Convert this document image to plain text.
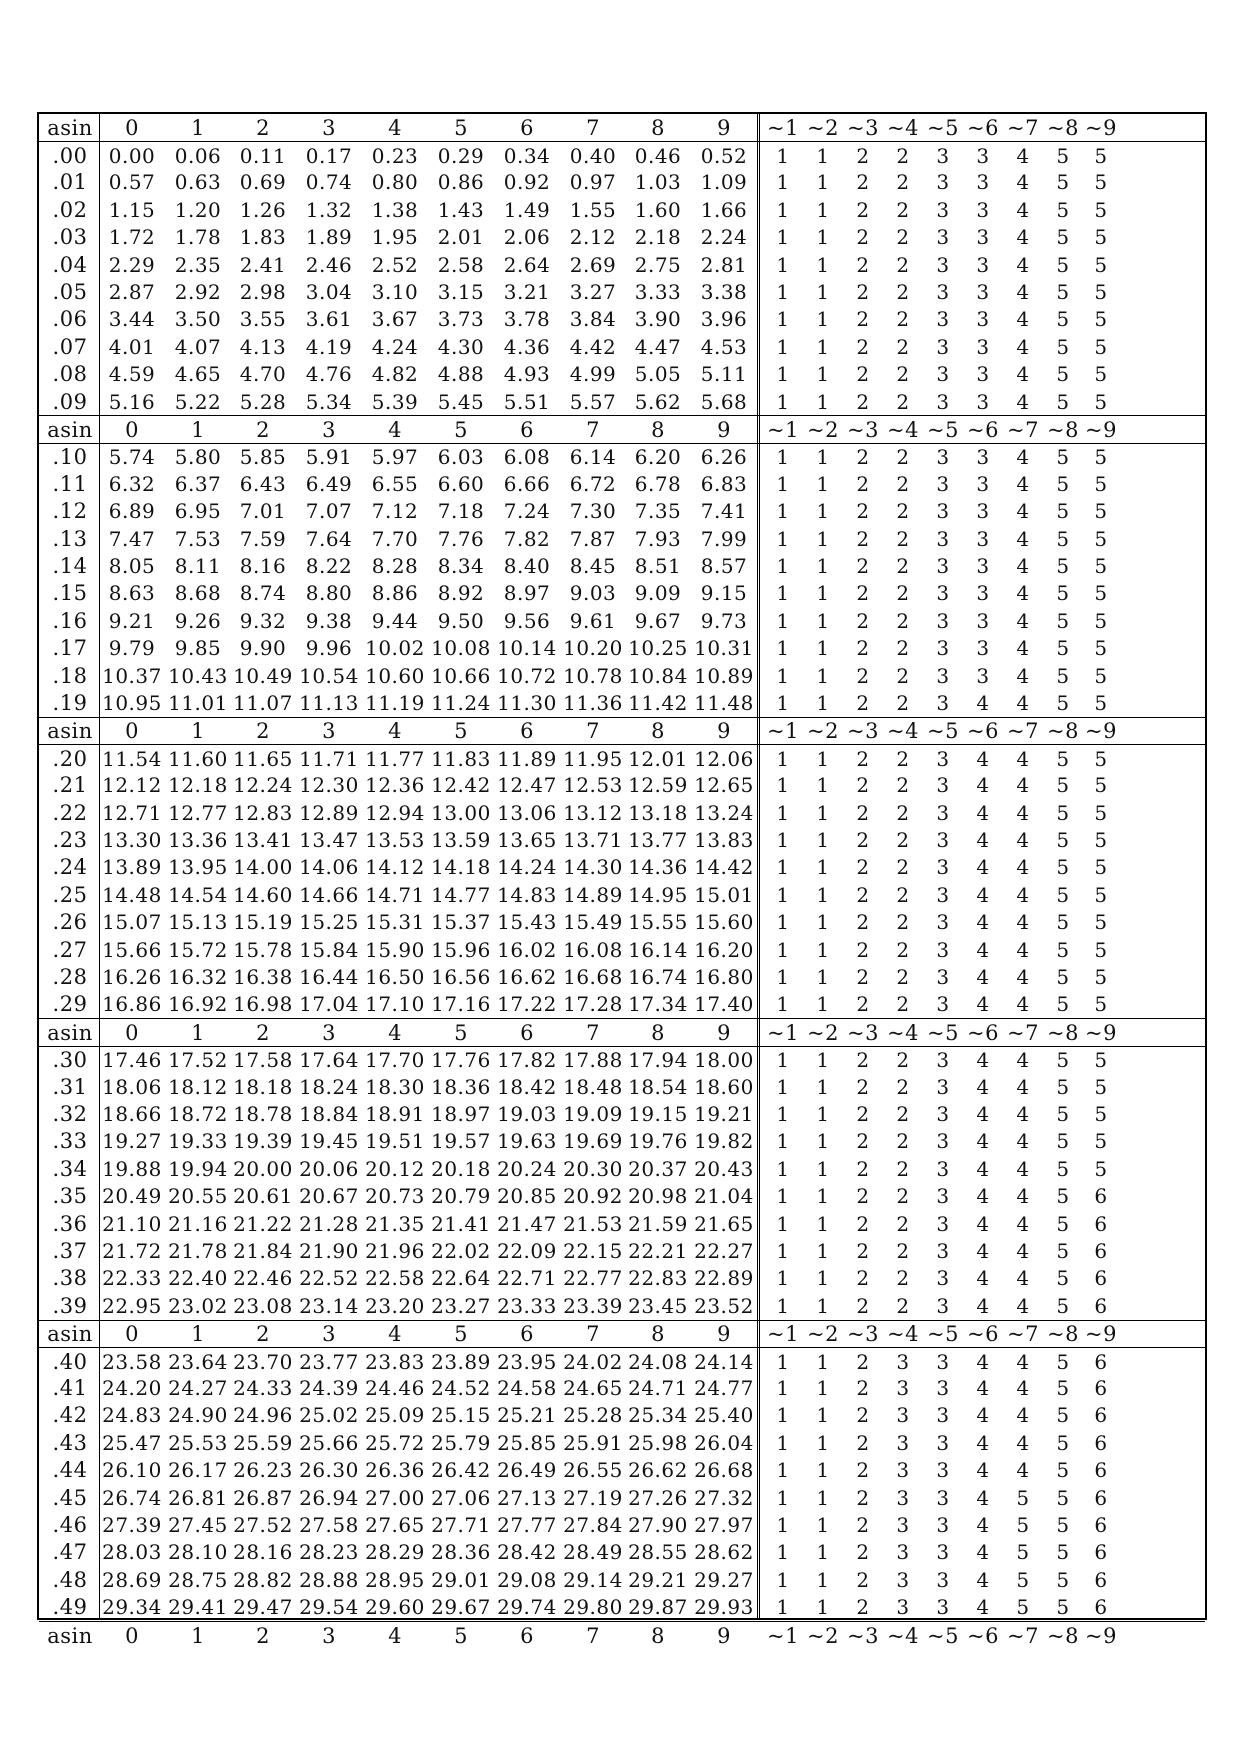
asin	0	1	2	3	4	5	6	7	8	9	~1 ~2 ~3 ~4 ~5 ~6 ~7 ~8 ~9
.00	0.00 0.06 0.11 0.17 0.23 0.29 0.34 0.40 0.46 0.52	1	1	2	2	3	3	4	5	5
.01	0.57 0.63 0.69 0.74 0.80 0.86 0.92 0.97 1.03 1.09	1	1	2	2	3	3	4	5	5
.02	1.15 1.20 1.26 1.32 1.38 1.43 1.49 1.55 1.60 1.66	1	1	2	2	3	3	4	5	5
.03	1.72 1.78 1.83 1.89 1.95 2.01 2.06 2.12 2.18 2.24	1	1	2	2	3	3	4	5	5
.04	2.29 2.35 2.41 2.46 2.52 2.58 2.64 2.69 2.75 2.81	1	1	2	2	3	3	4	5	5
.05	2.87 2.92 2.98 3.04 3.10 3.15 3.21 3.27 3.33 3.38	1	1	2	2	3	3	4	5	5
.06	3.44 3.50 3.55 3.61 3.67 3.73 3.78 3.84 3.90 3.96	1	1	2	2	3	3	4	5	5
.07	4.01 4.07 4.13 4.19 4.24 4.30 4.36 4.42 4.47 4.53	1	1	2	2	3	3	4	5	5
.08	4.59 4.65 4.70 4.76 4.82 4.88 4.93 4.99 5.05 5.11	1	1	2	2	3	3	4	5	5
.09	5.16 5.22 5.28 5.34 5.39 5.45 5.51 5.57 5.62 5.68	1	1	2	2	3	3	4	5	5
asin	0	1	2	3	4	5	6	7	8	9	~1 ~2 ~3 ~4 ~5 ~6 ~7 ~8 ~9
.10	5.74 5.80 5.85 5.91 5.97 6.03 6.08 6.14 6.20 6.26	1	1	2	2	3	3	4	5	5
.11	6.32 6.37 6.43 6.49 6.55 6.60 6.66 6.72 6.78 6.83	1	1	2	2	3	3	4	5	5
.12	6.89 6.95 7.01 7.07 7.12 7.18 7.24 7.30 7.35 7.41	1	1	2	2	3	3	4	5	5
.13	7.47 7.53 7.59 7.64 7.70 7.76 7.82 7.87 7.93 7.99	1	1	2	2	3	3	4	5	5
.14	8.05 8.11 8.16 8.22 8.28 8.34 8.40 8.45 8.51 8.57	1	1	2	2	3	3	4	5	5
.15	8.63 8.68 8.74 8.80 8.86 8.92 8.97 9.03 9.09 9.15	1	1	2	2	3	3	4	5	5
.16	9.21 9.26 9.32 9.38 9.44 9.50 9.56 9.61 9.67 9.73	1	1	2	2	3	3	4	5	5
.17	9.79 9.85 9.90 9.96 10.02 10.08 10.14 10.20 10.25 10.31	1	1	2	2	3	3	4	5	5
.18 10.37 10.43 10.49 10.54 10.60 10.66 10.72 10.78 10.84 10.89	1	1	2	2	3	3	4	5	5
.19 10.95 11.01 11.07 11.13 11.19 11.24 11.30 11.36 11.42 11.48	1	1	2	2	3	4	4	5	5
asin	0	1	2	3	4	5	6	7	8	9	~1 ~2 ~3 ~4 ~5 ~6 ~7 ~8 ~9
.20 11.54 11.60 11.65 11.71 11.77 11.83 11.89 11.95 12.01 12.06	1	1	2	2	3	4	4	5	5
.21 12.12 12.18 12.24 12.30 12.36 12.42 12.47 12.53 12.59 12.65	1	1	2	2	3	4	4	5	5
.22 12.71 12.77 12.83 12.89 12.94 13.00 13.06 13.12 13.18 13.24	1	1	2	2	3	4	4	5	5
.23 13.30 13.36 13.41 13.47 13.53 13.59 13.65 13.71 13.77 13.83	1	1	2	2	3	4	4	5	5
.24 13.89 13.95 14.00 14.06 14.12 14.18 14.24 14.30 14.36 14.42	1	1	2	2	3	4	4	5	5
.25 14.48 14.54 14.60 14.66 14.71 14.77 14.83 14.89 14.95 15.01	1	1	2	2	3	4	4	5	5
.26 15.07 15.13 15.19 15.25 15.31 15.37 15.43 15.49 15.55 15.60	1	1	2	2	3	4	4	5	5
.27 15.66 15.72 15.78 15.84 15.90 15.96 16.02 16.08 16.14 16.20	1	1	2	2	3	4	4	5	5
.28 16.26 16.32 16.38 16.44 16.50 16.56 16.62 16.68 16.74 16.80	1	1	2	2	3	4	4	5	5
.29 16.86 16.92 16.98 17.04 17.10 17.16 17.22 17.28 17.34 17.40	1	1	2	2	3	4	4	5	5
asin	0	1	2	3	4	5	6	7	8	9	~1 ~2 ~3 ~4 ~5 ~6 ~7 ~8 ~9
.30 17.46 17.52 17.58 17.64 17.70 17.76 17.82 17.88 17.94 18.00	1	1	2	2	3	4	4	5	5
.31 18.06 18.12 18.18 18.24 18.30 18.36 18.42 18.48 18.54 18.60	1	1	2	2	3	4	4	5	5
.32 18.66 18.72 18.78 18.84 18.91 18.97 19.03 19.09 19.15 19.21	1	1	2	2	3	4	4	5	5
.33 19.27 19.33 19.39 19.45 19.51 19.57 19.63 19.69 19.76 19.82	1	1	2	2	3	4	4	5	5
.34 19.88 19.94 20.00 20.06 20.12 20.18 20.24 20.30 20.37 20.43	1	1	2	2	3	4	4	5	5
.35 20.49 20.55 20.61 20.67 20.73 20.79 20.85 20.92 20.98 21.04	1	1	2	2	3	4	4	5	6
.36 21.10 21.16 21.22 21.28 21.35 21.41 21.47 21.53 21.59 21.65	1	1	2	2	3	4	4	5	6
.37 21.72 21.78 21.84 21.90 21.96 22.02 22.09 22.15 22.21 22.27	1	1	2	2	3	4	4	5	6
.38 22.33 22.40 22.46 22.52 22.58 22.64 22.71 22.77 22.83 22.89	1	1	2	2	3	4	4	5	6
.39 22.95 23.02 23.08 23.14 23.20 23.27 23.33 23.39 23.45 23.52	1	1	2	2	3	4	4	5	6
asin	0	1	2	3	4	5	6	7	8	9	~1 ~2 ~3 ~4 ~5 ~6 ~7 ~8 ~9
.40 23.58 23.64 23.70 23.77 23.83 23.89 23.95 24.02 24.08 24.14	1	1	2	3	3	4	4	5	6
.41 24.20 24.27 24.33 24.39 24.46 24.52 24.58 24.65 24.71 24.77	1	1	2	3	3	4	4	5	6
.42 24.83 24.90 24.96 25.02 25.09 25.15 25.21 25.28 25.34 25.40	1	1	2	3	3	4	4	5	6
.43 25.47 25.53 25.59 25.66 25.72 25.79 25.85 25.91 25.98 26.04	1	1	2	3	3	4	4	5	6
.44 26.10 26.17 26.23 26.30 26.36 26.42 26.49 26.55 26.62 26.68	1	1	2	3	3	4	4	5	6
.45 26.74 26.81 26.87 26.94 27.00 27.06 27.13 27.19 27.26 27.32	1	1	2	3	3	4	5	5	6
.46 27.39 27.45 27.52 27.58 27.65 27.71 27.77 27.84 27.90 27.97	1	1	2	3	3	4	5	5	6
.47 28.03 28.10 28.16 28.23 28.29 28.36 28.42 28.49 28.55 28.62	1	1	2	3	3	4	5	5	6
.48 28.69 28.75 28.82 28.88 28.95 29.01 29.08 29.14 29.21 29.27	1	1	2	3	3	4	5	5	6
.49 29.34 29.41 29.47 29.54 29.60 29.67 29.74 29.80 29.87 29.93	1	1	2	3	3	4	5	5	6
asin	0	1	2	3	4	5	6	7	8	9	~1 ~2 ~3 ~4 ~5 ~6 ~7 ~8 ~9
